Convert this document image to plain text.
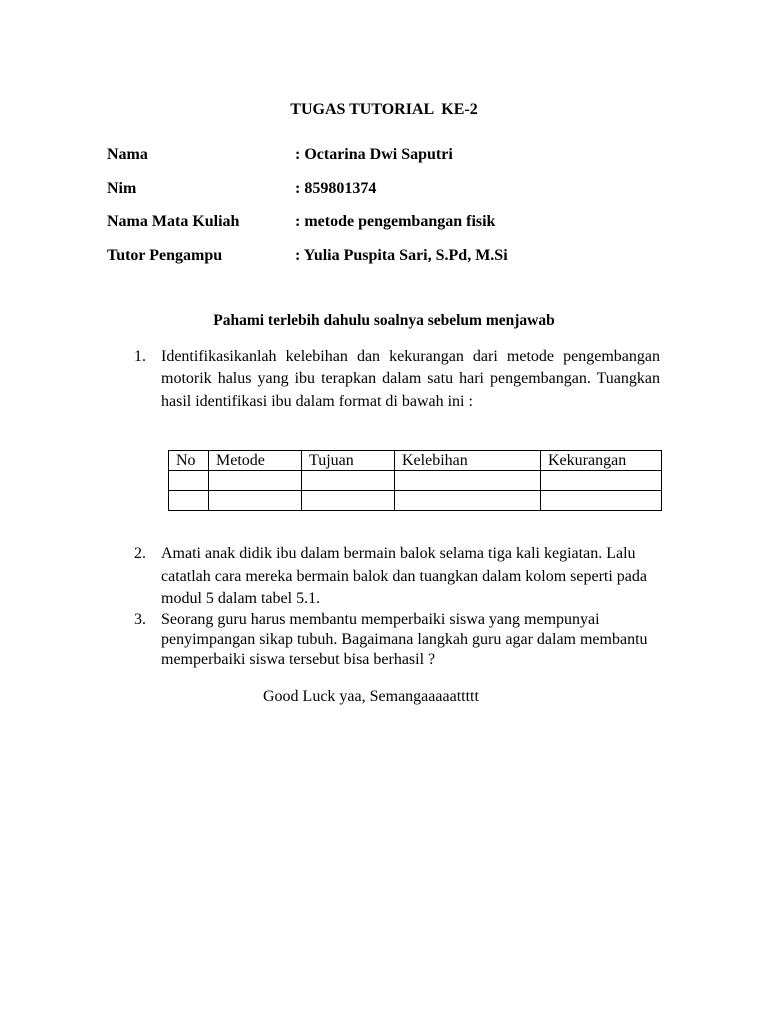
TUGAS TUTORIAL  KE-2
Nama	: Octarina Dwi Saputri
Nim	: 859801374
Nama Mata Kuliah	: metode pengembangan fisik
Tutor Pengampu	: Yulia Puspita Sari, S.Pd, M.Si
Pahami terlebih dahulu soalnya sebelum menjawab
1. Identifikasikanlah kelebihan dan kekurangan dari metode pengembangan motorik halus yang ibu terapkan dalam satu hari pengembangan. Tuangkan hasil identifikasi ibu dalam format di bawah ini :
No	Metode	Tujuan	Kelebihan	Kekurangan

2. Amati anak didik ibu dalam bermain balok selama tiga kali kegiatan. Lalu catatlah cara mereka bermain balok dan tuangkan dalam kolom seperti pada modul 5 dalam tabel 5.1.
3. Seorang guru harus membantu memperbaiki siswa yang mempunyai penyimpangan sikap tubuh. Bagaimana langkah guru agar dalam membantu memperbaiki siswa tersebut bisa berhasil ?
Good Luck yaa, Semangaaaaattttt
